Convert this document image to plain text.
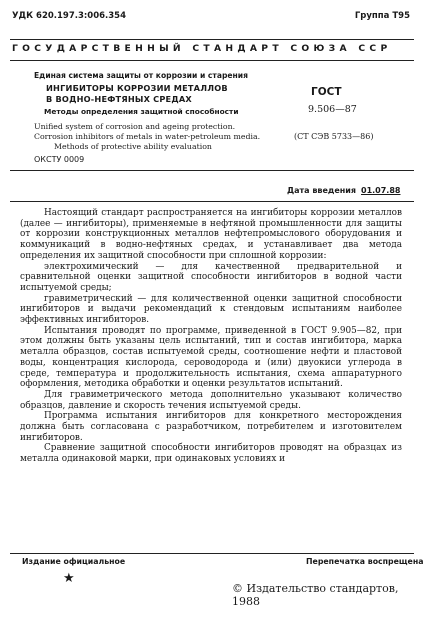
УДК 620.197.3:006.354	Группа Т95
ГОСУДАРСТВЕННЫЙ СТАНДАРТ СОЮЗА ССР
Единая система защиты от коррозии и старения
ИНГИБИТОРЫ КОРРОЗИИ МЕТАЛЛОВ
В ВОДНО-НЕФТЯНЫХ СРЕДАХ
Методы определения защитной способности
Unified system of corrosion and ageing protection.
Corrosion inhibitors of metals in water-petroleum media.
Methods of protective ability evaluation
ОКСТУ 0009
ГОСТ
9.506—87
(СТ СЭВ 5733—86)
Дата введения 01.07.88

Настоящий стандарт распространяется на ингибиторы коррозии металлов (далее — ингибиторы), применяемые в нефтяной промышленности для защиты от коррозии конструкционных металлов нефтепромыслового оборудования и коммуникаций в водно-нефтяных средах, и устанавливает два метода определения их защитной способности при сплошной коррозии:

электрохимический — для качественной предварительной и сравнительной оценки защитной способности ингибиторов в водной части испытуемой среды;

гравиметрический — для количественной оценки защитной способности ингибиторов и выдачи рекомендаций к стендовым испытаниям наиболее эффективных ингибиторов.

Испытания проводят по программе, приведенной в ГОСТ 9.905—82, при этом должны быть указаны цель испытаний, тип и состав ингибитора, марка металла образцов, состав испытуемой среды, соотношение нефти и пластовой воды, концентрация кислорода, сероводорода и (или) двуокиси углерода в среде, температура и продолжительность испытания, схема аппаратурного оформления, методика обработки и оценки результатов испытаний.

Для гравиметрического метода дополнительно указывают количество образцов, давление и скорость течения испытуемой среды.

Программа испытания ингибиторов для конкретного месторождения должна быть согласована с разработчиком, потребителем и изготовителем ингибиторов.

Сравнение защитной способности ингибиторов проводят на образцах из металла одинаковой марки, при одинаковых условиях и

Издание официальное	Перепечатка воспрещена
★
© Издательство стандартов, 1988
